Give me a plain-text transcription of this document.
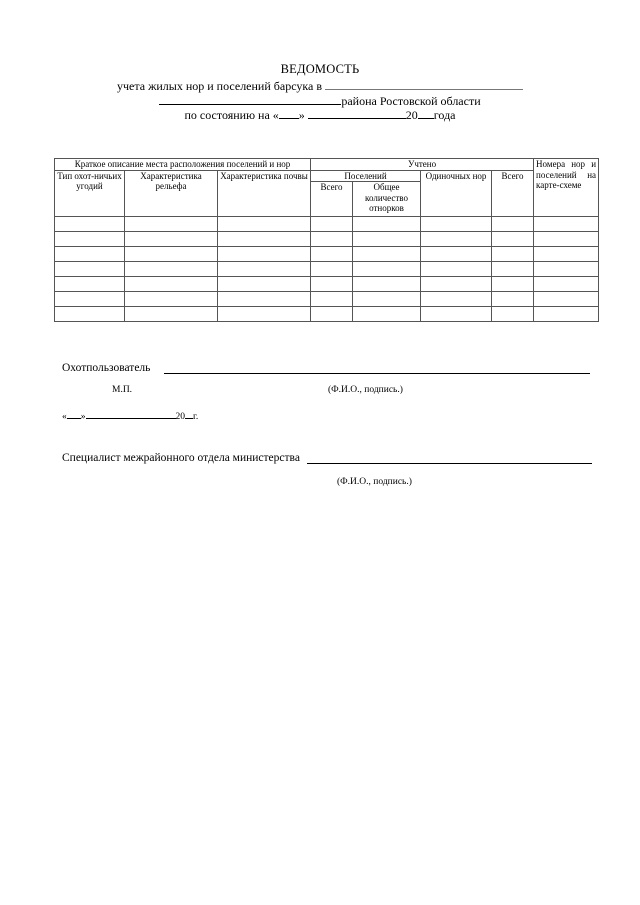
ВЕДОМОСТЬ
учета жилых нор и поселений барсука в
района Ростовской области
по состоянию на « »	20 года
Краткое описание места расположения поселений и нор			Учтено				Номера нор и поселений на карте-схеме
Тип охот-ничьих угодий	Характеристика рельефа	Характеристика почвы	Поселений		Одиночных нор	Всего	
			Всего	Общее количество отнорков			

Охотпользователь
М.П.	(Ф.И.О., подпись.)
« »	20 г.
Специалист межрайонного отдела министерства
(Ф.И.О., подпись.)
